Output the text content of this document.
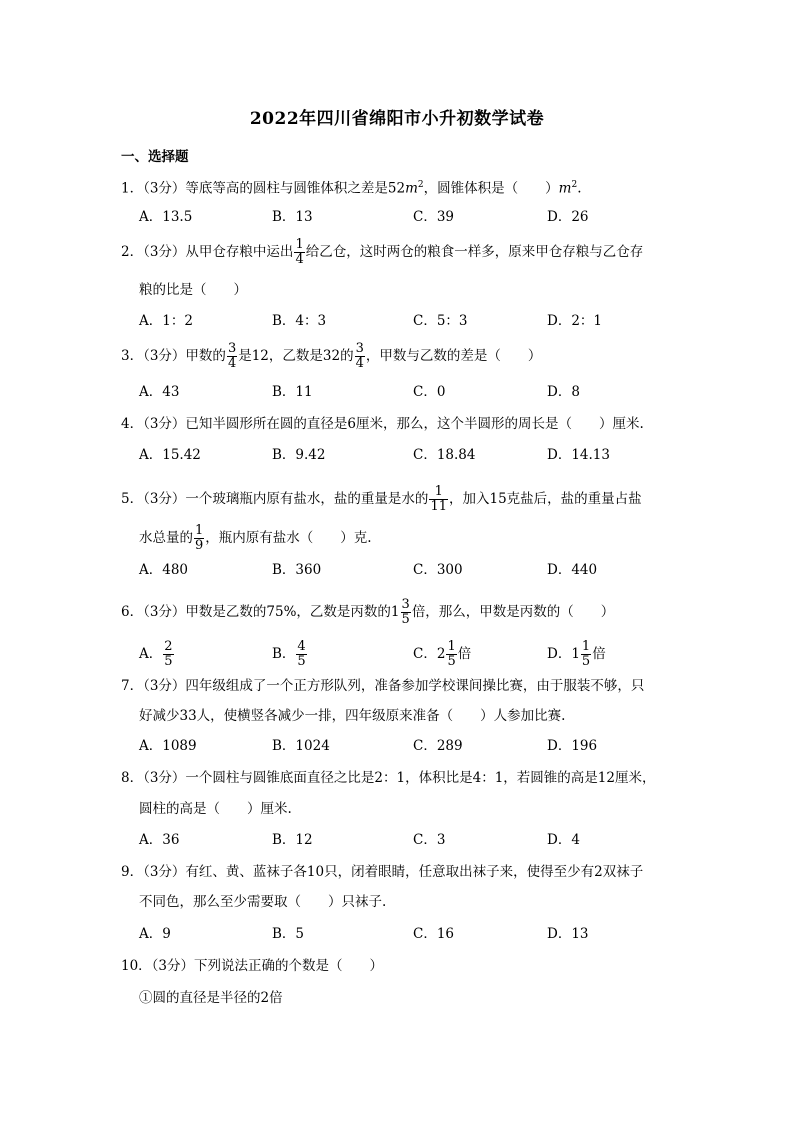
2022年四川省绵阳市小升初数学试卷
一、选择题
1．（3分）等底等高的圆柱与圆锥体积之差是$52m^2$，圆锥体积是（　　）$m^2$.
A．13.5	B．13	C．39	D．26
2．（3分）从甲仓存粮中运出 $\frac{1}{4}$ 给乙仓，这时两仓的粮食一样多，原来甲仓存粮与乙仓存
粮的比是（　　）
A．1：2	B．4：3	C．5：3	D．2：1
3．（3分）甲数的 $\frac{3}{4}$ 是12，乙数是32的 $\frac{3}{4}$ ，甲数与乙数的差是（　　）
A．43	B．11	C．0	D．8
4．（3分）已知半圆形所在圆的直径是6厘米，那么，这个半圆形的周长是（　　）厘米.
A．15.42	B．9.42	C．18.84	D．14.13
5．（3分）一个玻璃瓶内原有盐水，盐的重量是水的 $\frac{1}{11}$ ，加入15克盐后，盐的重量占盐
水总量的 $\frac{1}{9}$ ，瓶内原有盐水（　　）克.
A．480	B．360	C．300	D．440
6．（3分）甲数是乙数的75%，乙数是丙数的$1 \frac{3}{5}$ 倍，那么，甲数是丙数的（　　）
A． $\frac{2}{5}$	B． $\frac{4}{5}$	C．$2 \frac{1}{5}$ 倍	D．$1 \frac{1}{5}$ 倍
7．（3分）四年级组成了一个正方形队列，准备参加学校课间操比赛，由于服装不够，只
好减少33人，使横竖各减少一排，四年级原来准备（　　）人参加比赛.
A．1089	B．1024	C．289	D．196
8．（3分）一个圆柱与圆锥底面直径之比是2：1，体积比是4：1，若圆锥的高是12厘米，
圆柱的高是（　　）厘米.
A．36	B．12	C．3	D．4
9．（3分）有红、黄、蓝袜子各10只，闭着眼睛，任意取出袜子来，使得至少有2双袜子
不同色，那么至少需要取（　　）只袜子.
A．9	B．5	C．16	D．13
10．（3分）下列说法正确的个数是（　　）
①圆的直径是半径的2倍
